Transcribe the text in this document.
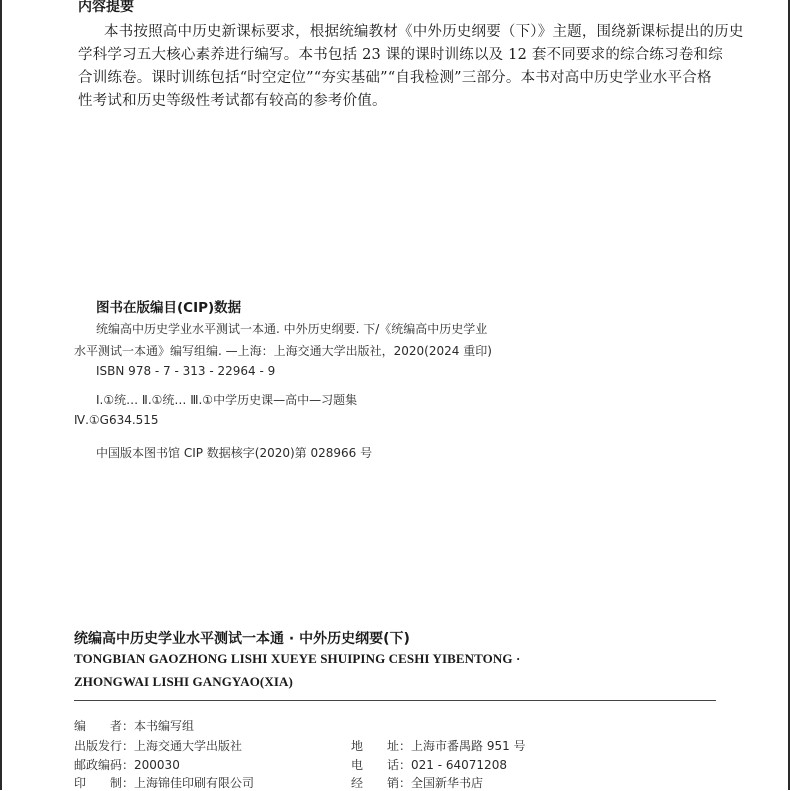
内容提要
本书按照高中历史新课标要求，根据统编教材《中外历史纲要（下）》主题，围绕新课标提出的历史
学科学习五大核心素养进行编写。本书包括 23 课的课时训练以及 12 套不同要求的综合练习卷和综
合训练卷。课时训练包括“时空定位”“夯实基础”“自我检测”三部分。本书对高中历史学业水平合格
性考试和历史等级性考试都有较高的参考价值。
图书在版编目(CIP)数据
统编高中历史学业水平测试一本通. 中外历史纲要. 下/《统编高中历史学业
水平测试一本通》编写组编. —上海：上海交通大学出版社，2020(2024 重印)
ISBN 978 - 7 - 313 - 22964 - 9
Ⅰ.①统… Ⅱ.①统… Ⅲ.①中学历史课—高中—习题集
Ⅳ.①G634.515
中国版本图书馆 CIP 数据核字(2020)第 028966 号
统编高中历史学业水平测试一本通 · 中外历史纲要(下)
TONGBIAN GAOZHONG LISHI XUEYE SHUIPING CESHI YIBENTONG ·
ZHONGWAI LISHI GANGYAO(XIA)
编　　者：本书编写组
出版发行：上海交通大学出版社	地　　址：上海市番禺路 951 号
邮政编码：200030	电　　话：021 - 64071208
印　　制：上海锦佳印刷有限公司	经　　销：全国新华书店
